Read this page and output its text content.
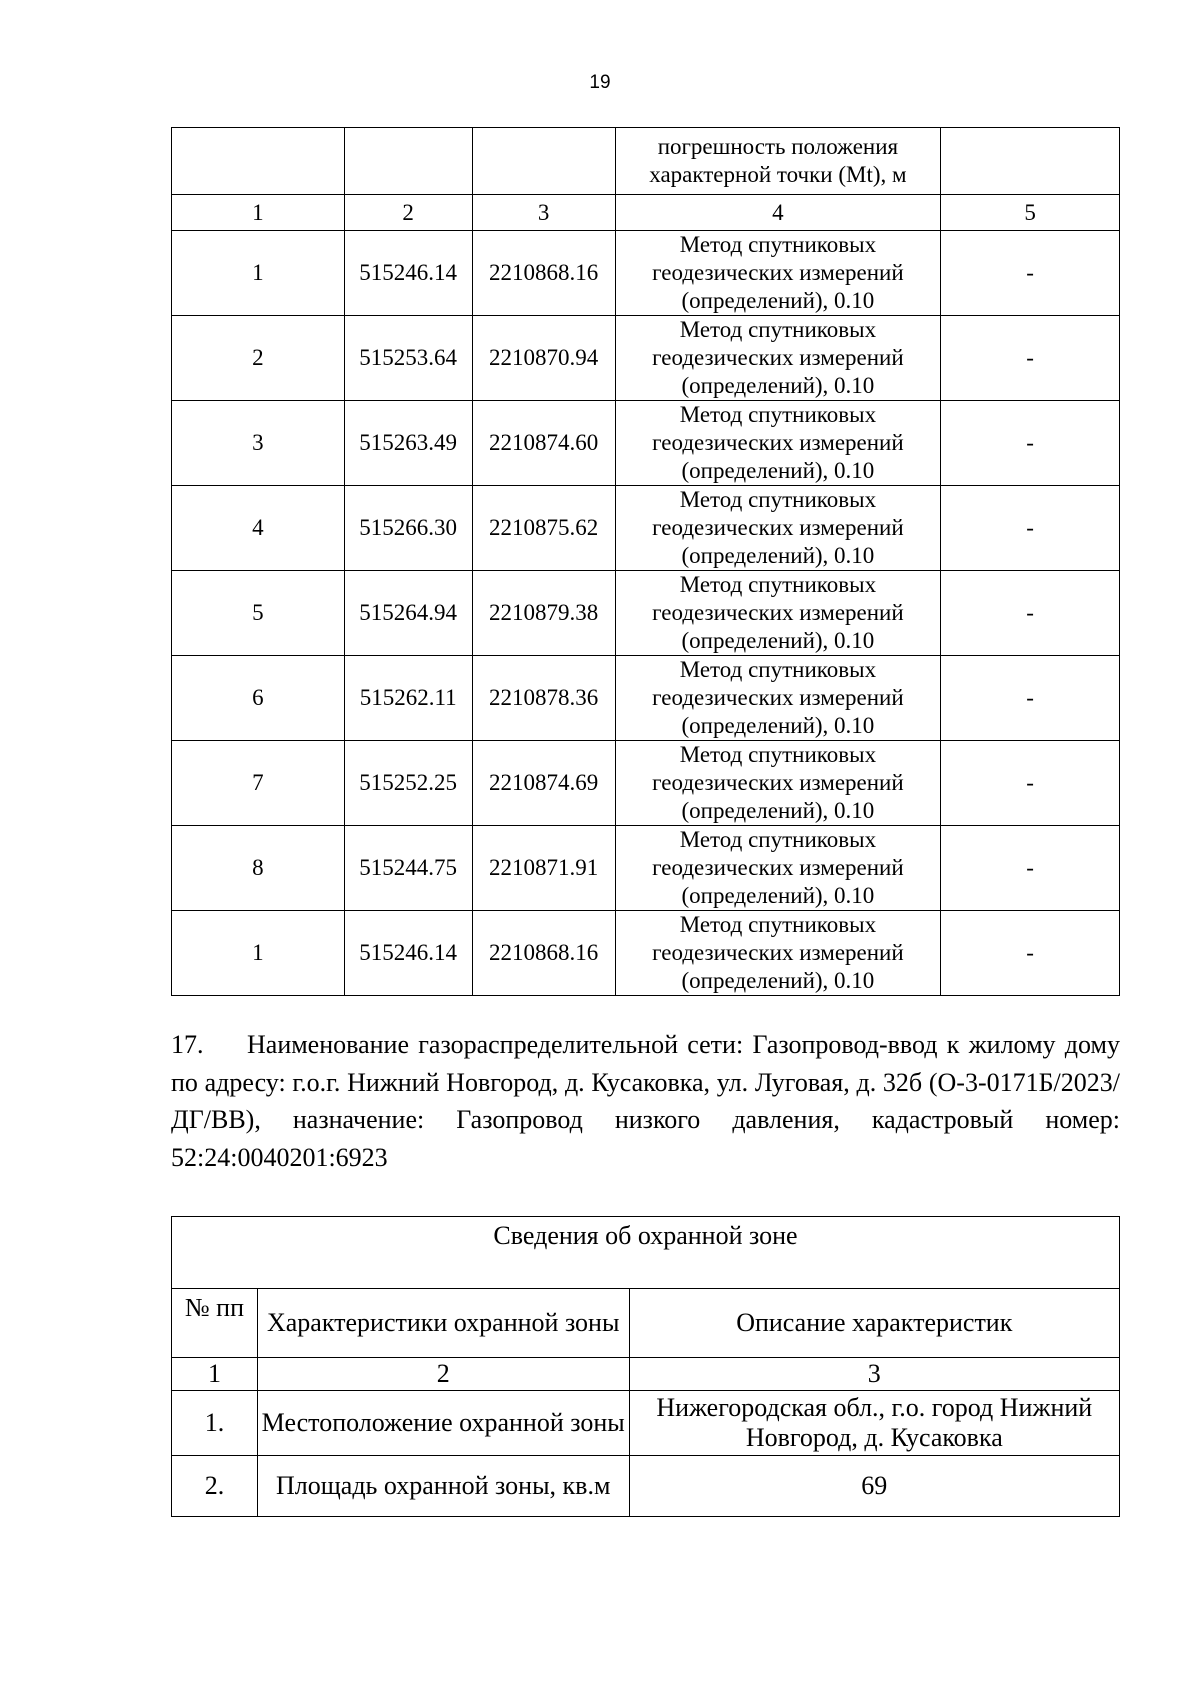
19
			погрешность положения характерной точки (Mt), м	
1	2	3	4	5
1	515246.14	2210868.16	Метод спутниковых геодезических измерений (определений), 0.10	-
2	515253.64	2210870.94	Метод спутниковых геодезических измерений (определений), 0.10	-
3	515263.49	2210874.60	Метод спутниковых геодезических измерений (определений), 0.10	-
4	515266.30	2210875.62	Метод спутниковых геодезических измерений (определений), 0.10	-
5	515264.94	2210879.38	Метод спутниковых геодезических измерений (определений), 0.10	-
6	515262.11	2210878.36	Метод спутниковых геодезических измерений (определений), 0.10	-
7	515252.25	2210874.69	Метод спутниковых геодезических измерений (определений), 0.10	-
8	515244.75	2210871.91	Метод спутниковых геодезических измерений (определений), 0.10	-
1	515246.14	2210868.16	Метод спутниковых геодезических измерений (определений), 0.10	-

17. Наименование газораспределительной сети: Газопровод-ввод к жилому дому по адресу: г.о.г. Нижний Новгород, д. Кусаковка, ул. Луговая, д. 32б (О-3-0171Б/2023/ДГ/ВВ), назначение: Газопровод низкого давления, кадастровый номер: 52:24:0040201:6923

Сведения об охранной зоне		
№ пп	Характеристики охранной зоны	Описание характеристик
1	2	3
1.	Местоположение охранной зоны	Нижегородская обл., г.о. город Нижний Новгород, д. Кусаковка
2.	Площадь охранной зоны, кв.м	69
